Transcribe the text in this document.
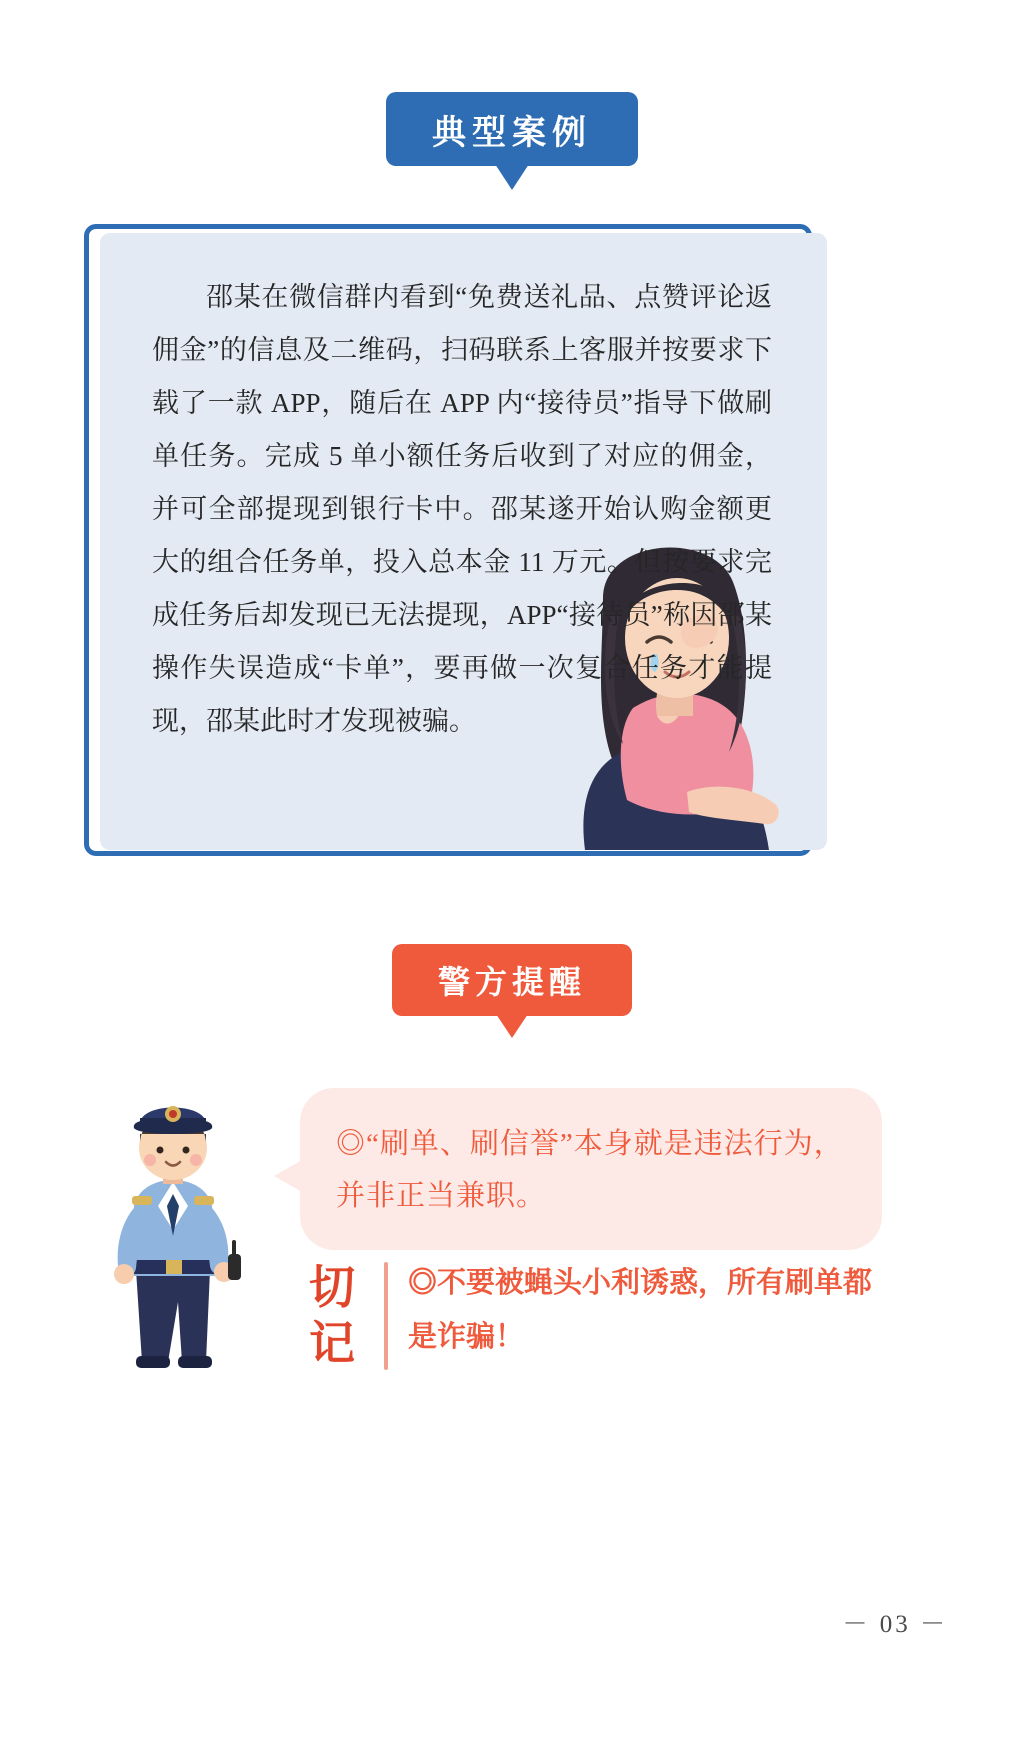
典型案例
邵某在微信群内看到“免费送礼品、点赞评论返佣金”的信息及二维码，扫码联系上客服并按要求下载了一款 APP，随后在 APP 内“接待员”指导下做刷单任务。完成 5 单小额任务后收到了对应的佣金，并可全部提现到银行卡中。邵某遂开始认购金额更大的组合任务单，投入总本金 11 万元。但按要求完成任务后却发现已无法提现，APP“接待员”称因邵某操作失误造成“卡单”，要再做一次复合任务才能提现，邵某此时才发现被骗。
警方提醒
◎“刷单、刷信誉”本身就是违法行为，并非正当兼职。
切记
◎不要被蝇头小利诱惑，所有刷单都是诈骗！
－ 03 －
